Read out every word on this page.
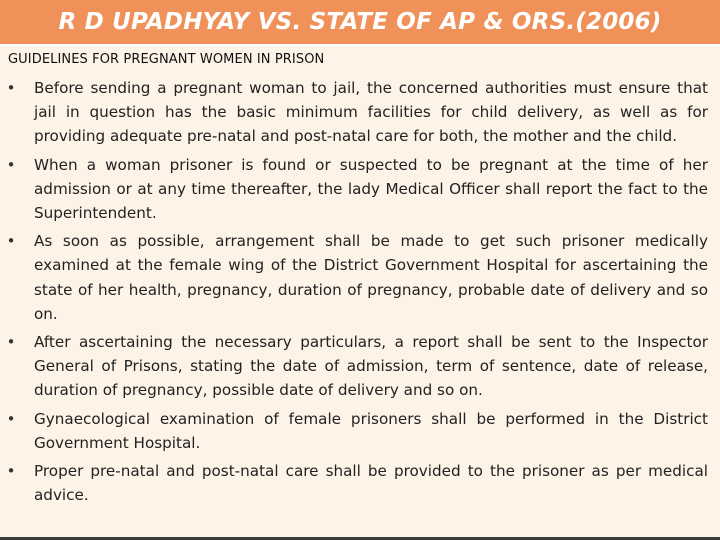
R D UPADHYAY VS. STATE OF AP & ORS.(2006)
GUIDELINES FOR PREGNANT WOMEN IN PRISON
• Before sending a pregnant woman to jail, the concerned authorities must ensure that jail in question has the basic minimum facilities for child delivery, as well as for providing adequate pre-natal and post-natal care for both, the mother and the child.
• When a woman prisoner is found or suspected to be pregnant at the time of her admission or at any time thereafter, the lady Medical Officer shall report the fact to the Superintendent.
• As soon as possible, arrangement shall be made to get such prisoner medically examined at the female wing of the District Government Hospital for ascertaining the state of her health, pregnancy, duration of pregnancy, probable date of delivery and so on.
• After ascertaining the necessary particulars, a report shall be sent to the Inspector General of Prisons, stating the date of admission, term of sentence, date of release, duration of pregnancy, possible date of delivery and so on.
• Gynaecological examination of female prisoners shall be performed in the District Government Hospital.
• Proper pre-natal and post-natal care shall be provided to the prisoner as per medical advice.
